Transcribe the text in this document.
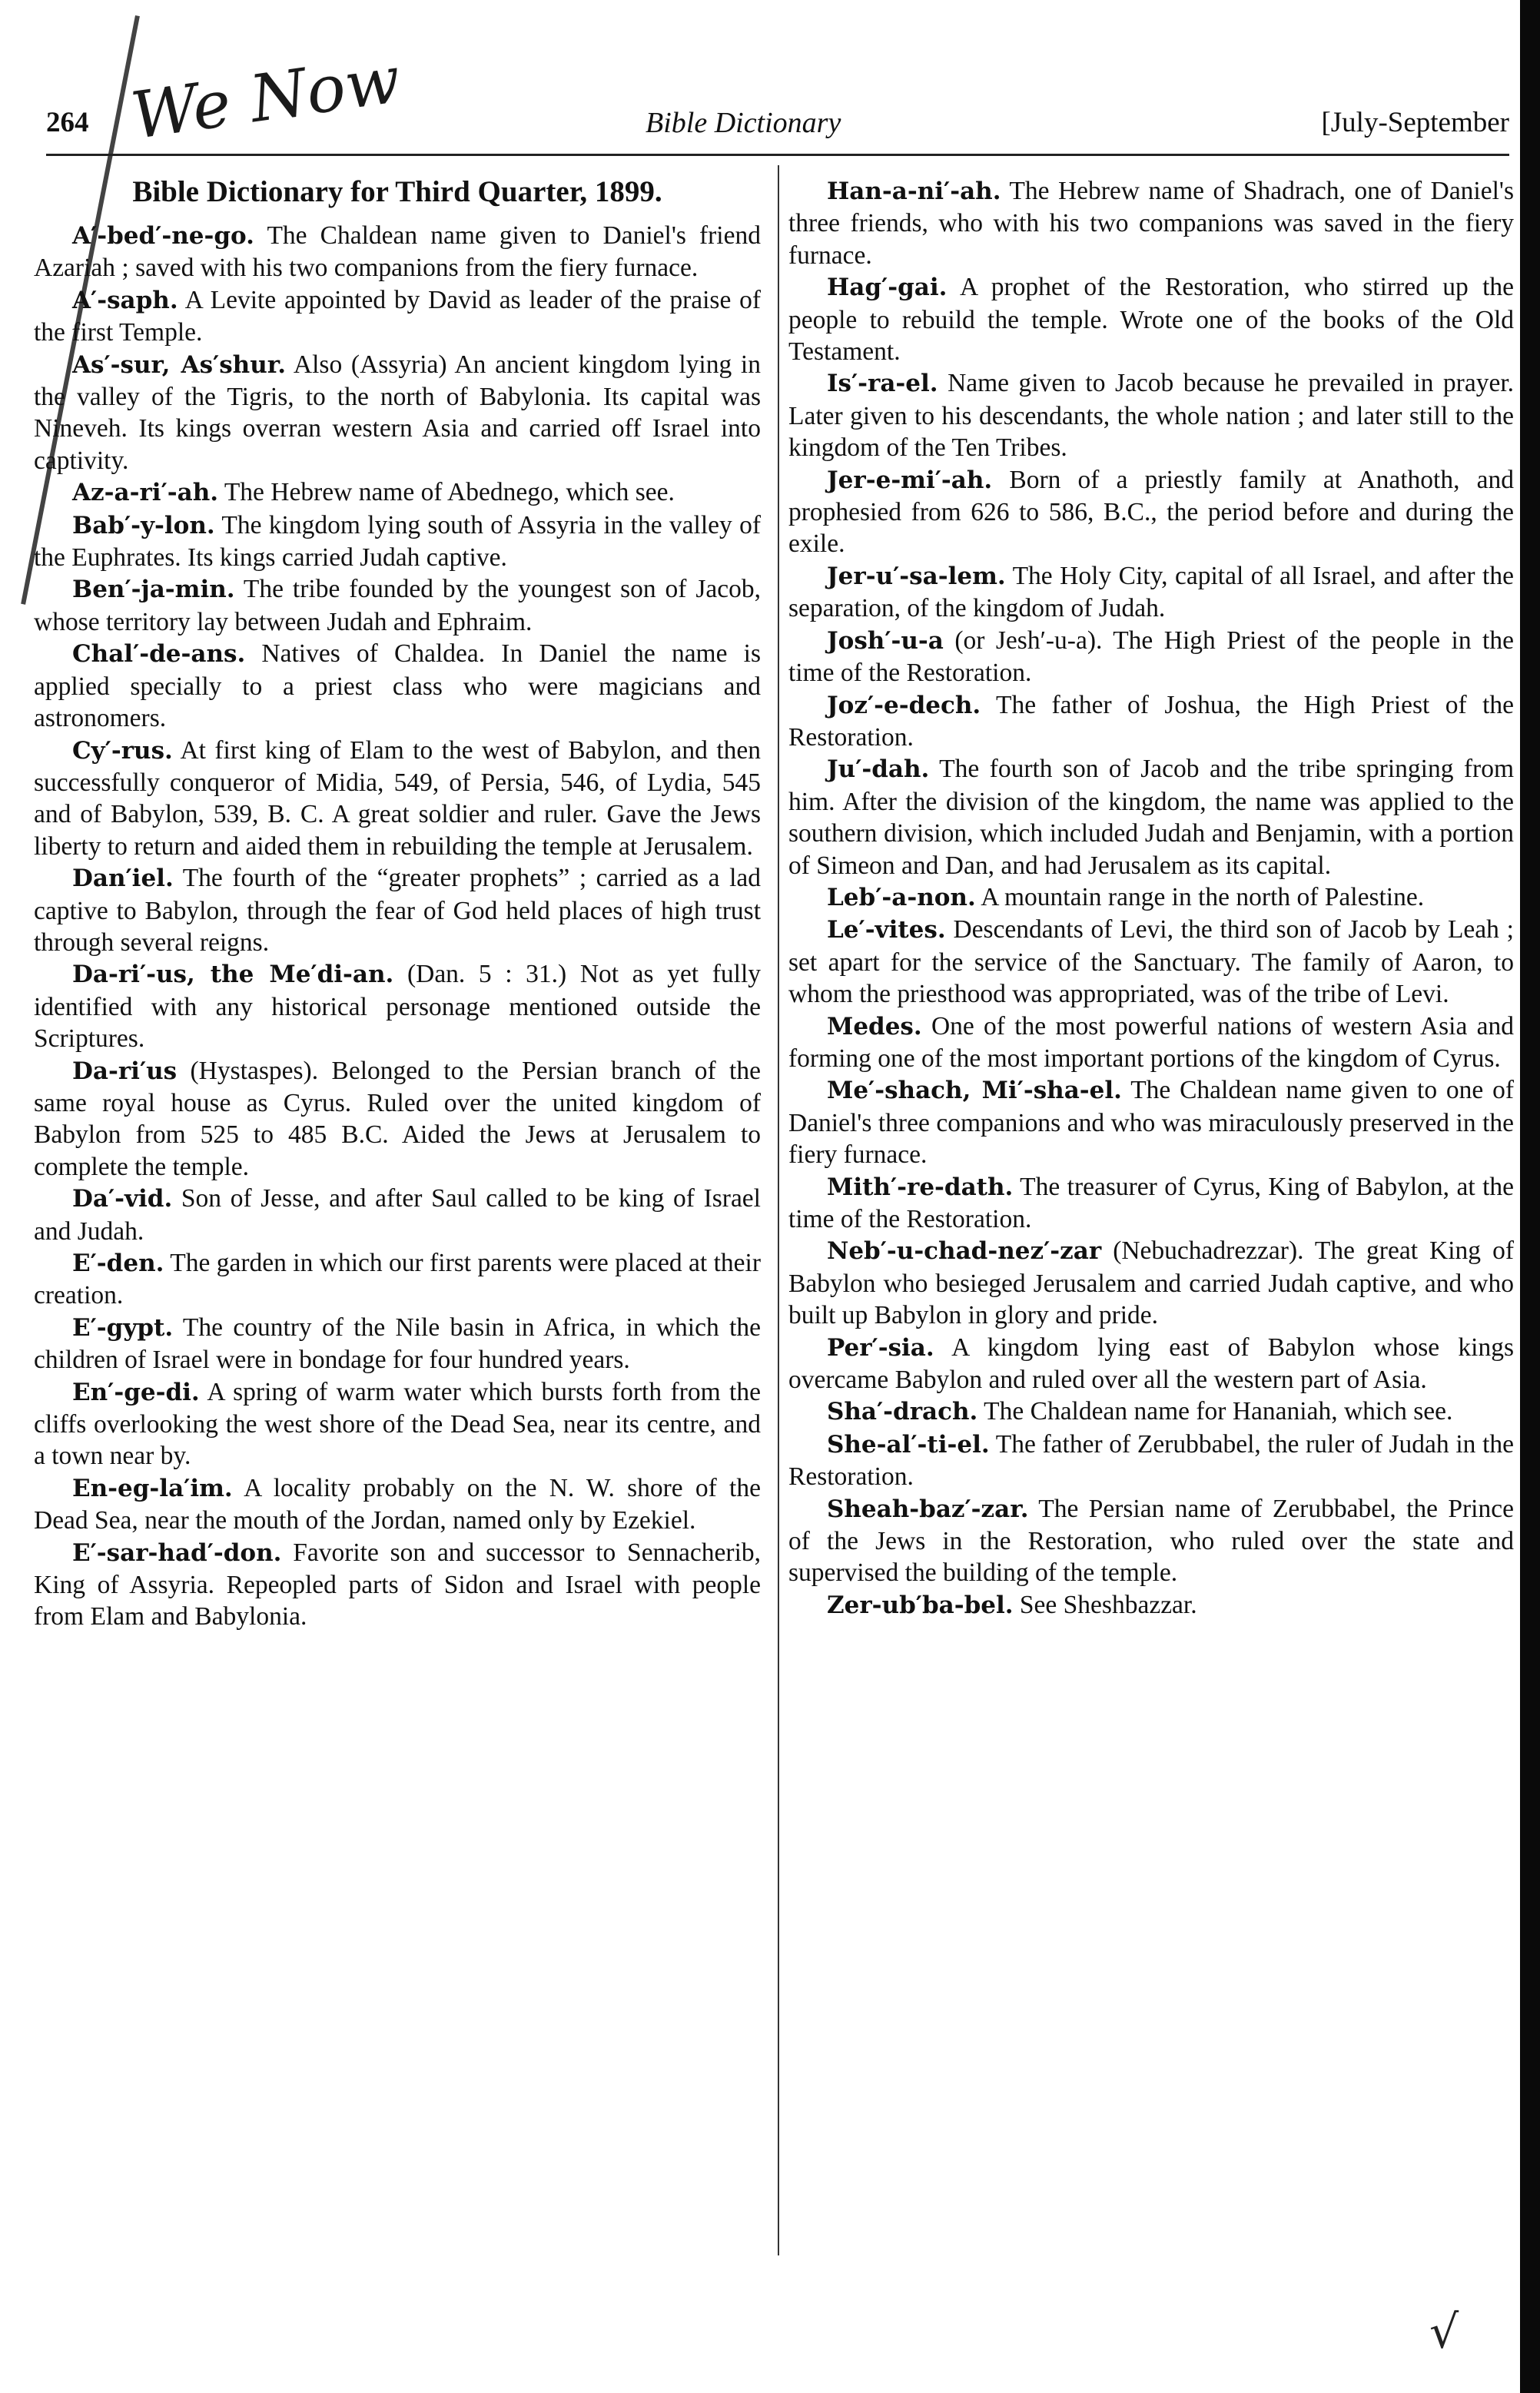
264 We Now	Bible Dictionary	[July-September
Bible Dictionary for Third Quarter, 1899.
A′-bed′-ne-go. The Chaldean name given to Daniel's friend Azariah ; saved with his two companions from the fiery furnace.
A′-saph. A Levite appointed by David as leader of the praise of the first Temple.
As′-sur, As′shur. Also (Assyria) An ancient kingdom lying in the valley of the Tigris, to the north of Babylonia. Its capital was Nineveh. Its kings overran western Asia and carried off Israel into captivity.
Az-a-ri′-ah. The Hebrew name of Abednego, which see.
Bab′-y-lon. The kingdom lying south of Assyria in the valley of the Euphrates. Its kings carried Judah captive.
Ben′-ja-min. The tribe founded by the youngest son of Jacob, whose territory lay between Judah and Ephraim.
Chal′-de-ans. Natives of Chaldea. In Daniel the name is applied specially to a priest class who were magicians and astronomers.
Cy′-rus. At first king of Elam to the west of Babylon, and then successfully conqueror of Midia, 549, of Persia, 546, of Lydia, 545 and of Babylon, 539, B. C. A great soldier and ruler. Gave the Jews liberty to return and aided them in rebuilding the temple at Jerusalem.
Dan′iel. The fourth of the “greater prophets” ; carried as a lad captive to Babylon, through the fear of God held places of high trust through several reigns.
Da-ri′-us, the Me′di-an. (Dan. 5 : 31.) Not as yet fully identified with any historical personage mentioned outside the Scriptures.
Da-ri′us (Hystaspes). Belonged to the Persian branch of the same royal house as Cyrus. Ruled over the united kingdom of Babylon from 525 to 485 B.C. Aided the Jews at Jerusalem to complete the temple.
Da′-vid. Son of Jesse, and after Saul called to be king of Israel and Judah.
E′-den. The garden in which our first parents were placed at their creation.
E′-gypt. The country of the Nile basin in Africa, in which the children of Israel were in bondage for four hundred years.
En′-ge-di. A spring of warm water which bursts forth from the cliffs overlooking the west shore of the Dead Sea, near its centre, and a town near by.
En-eg-la′im. A locality probably on the N. W. shore of the Dead Sea, near the mouth of the Jordan, named only by Ezekiel.
E′-sar-had′-don. Favorite son and successor to Sennacherib, King of Assyria. Repeopled parts of Sidon and Israel with people from Elam and Babylonia.
Han-a-ni′-ah. The Hebrew name of Shadrach, one of Daniel's three friends, who with his two companions was saved in the fiery furnace.
Hag′-gai. A prophet of the Restoration, who stirred up the people to rebuild the temple. Wrote one of the books of the Old Testament.
Is′-ra-el. Name given to Jacob because he prevailed in prayer. Later given to his descendants, the whole nation ; and later still to the kingdom of the Ten Tribes.
Jer-e-mi′-ah. Born of a priestly family at Anathoth, and prophesied from 626 to 586, B.C., the period before and during the exile.
Jer-u′-sa-lem. The Holy City, capital of all Israel, and after the separation, of the kingdom of Judah.
Josh′-u-a (or Jesh′-u-a). The High Priest of the people in the time of the Restoration.
Joz′-e-dech. The father of Joshua, the High Priest of the Restoration.
Ju′-dah. The fourth son of Jacob and the tribe springing from him. After the division of the kingdom, the name was applied to the southern division, which included Judah and Benjamin, with a portion of Simeon and Dan, and had Jerusalem as its capital.
Leb′-a-non. A mountain range in the north of Palestine.
Le′-vites. Descendants of Levi, the third son of Jacob by Leah ; set apart for the service of the Sanctuary. The family of Aaron, to whom the priesthood was appropriated, was of the tribe of Levi.
Medes. One of the most powerful nations of western Asia and forming one of the most important portions of the kingdom of Cyrus.
Me′-shach, Mi′-sha-el. The Chaldean name given to one of Daniel's three companions and who was miraculously preserved in the fiery furnace.
Mith′-re-dath. The treasurer of Cyrus, King of Babylon, at the time of the Restoration.
Neb′-u-chad-nez′-zar (Nebuchadrezzar). The great King of Babylon who besieged Jerusalem and carried Judah captive, and who built up Babylon in glory and pride.
Per′-sia. A kingdom lying east of Babylon whose kings overcame Babylon and ruled over all the western part of Asia.
Sha′-drach. The Chaldean name for Hananiah, which see.
She-al′-ti-el. The father of Zerubbabel, the ruler of Judah in the Restoration.
Sheah-baz′-zar. The Persian name of Zerubbabel, the Prince of the Jews in the Restoration, who ruled over the state and supervised the building of the temple.
Zer-ub′ba-bel. See Sheshbazzar.
√
